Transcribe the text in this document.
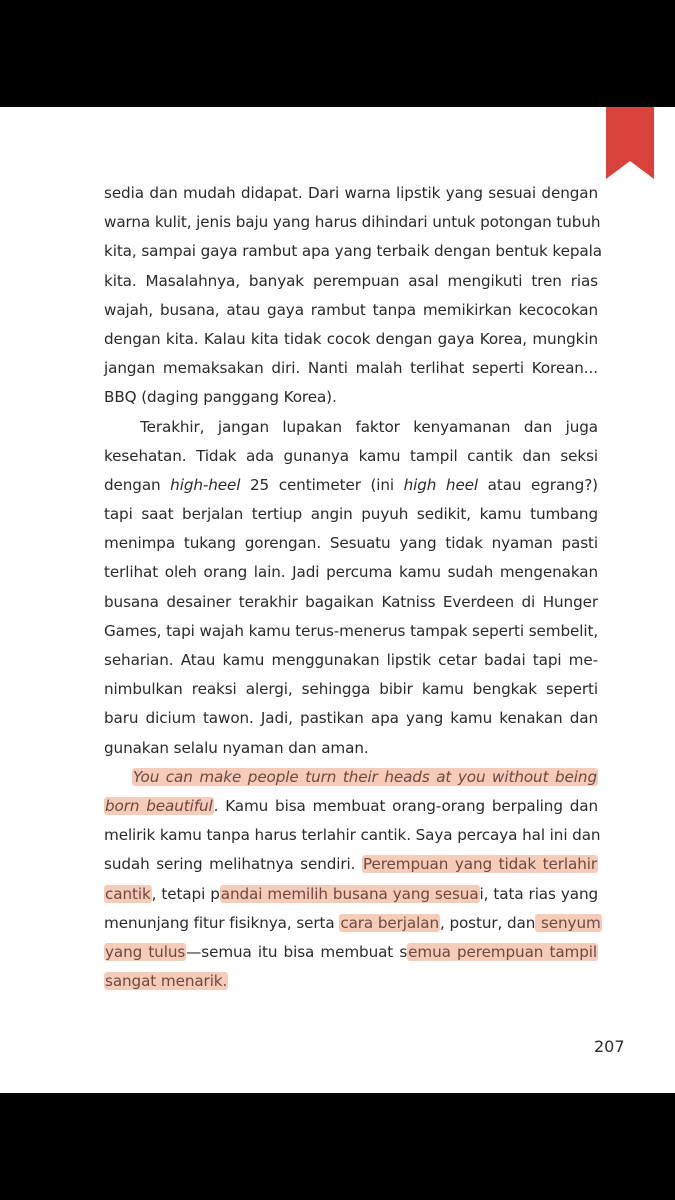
sedia dan mudah didapat. Dari warna lipstik yang sesuai dengan
warna kulit, jenis baju yang harus dihindari untuk potongan tubuh
kita, sampai gaya rambut apa yang terbaik dengan bentuk kepala
kita. Masalahnya, banyak perempuan asal mengikuti tren rias
wajah, busana, atau gaya rambut tanpa memikirkan kecocokan
dengan kita. Kalau kita tidak cocok dengan gaya Korea, mungkin
jangan memaksakan diri. Nanti malah terlihat seperti Korean...
BBQ (daging panggang Korea).
Terakhir, jangan lupakan faktor kenyamanan dan juga
kesehatan. Tidak ada gunanya kamu tampil cantik dan seksi
dengan high-heel 25 centimeter (ini high heel atau egrang?)
tapi saat berjalan tertiup angin puyuh sedikit, kamu tumbang
menimpa tukang gorengan. Sesuatu yang tidak nyaman pasti
terlihat oleh orang lain. Jadi percuma kamu sudah mengenakan
busana desainer terakhir bagaikan Katniss Everdeen di Hunger
Games, tapi wajah kamu terus-menerus tampak seperti sembelit,
seharian. Atau kamu menggunakan lipstik cetar badai tapi me-
nimbulkan reaksi alergi, sehingga bibir kamu bengkak seperti
baru dicium tawon. Jadi, pastikan apa yang kamu kenakan dan
gunakan selalu nyaman dan aman.
You can make people turn their heads at you without being
born beautiful. Kamu bisa membuat orang-orang berpaling dan
melirik kamu tanpa harus terlahir cantik. Saya percaya hal ini dan
sudah sering melihatnya sendiri. Perempuan yang tidak terlahir
cantik, tetapi pandai memilih busana yang sesuai, tata rias yang
menunjang fitur fisiknya, serta cara berjalan, postur, dan senyum
yang tulus—semua itu bisa membuat semua perempuan tampil
sangat menarik.
207
